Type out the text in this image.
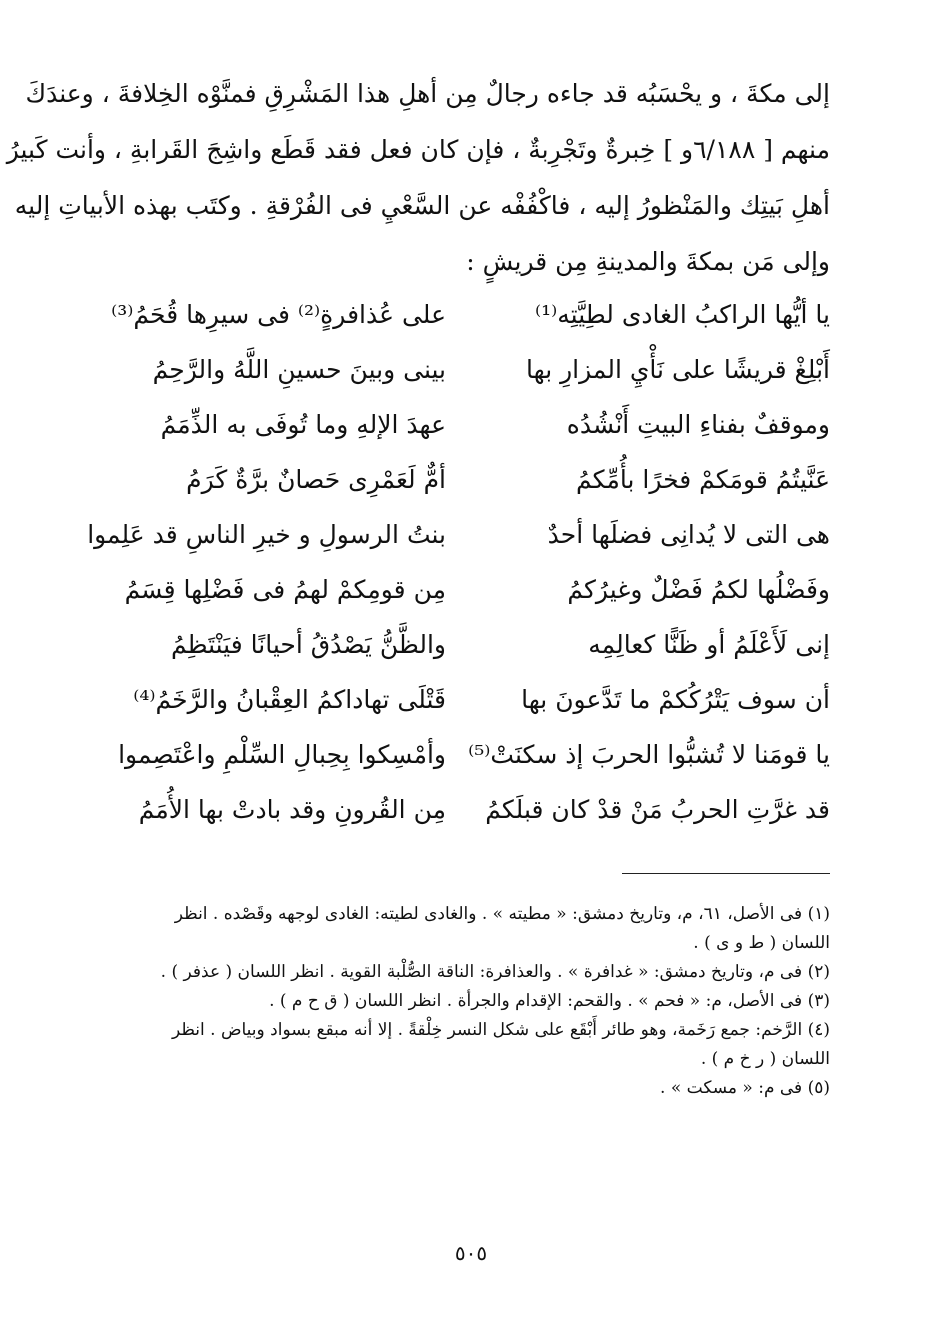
إلى مكةَ ، و يحْسَبُه قد جاءه رجالٌ مِن أهلِ هذا المَشْرِقِ فمنَّوْه الخِلافةَ ، وعندَكَ
منهم [ ٦/١٨٨و ] خِبرةٌ وتَجْرِبةٌ ، فإن كان فعل فقد قَطَع واشِجَ القَرابةِ ، وأنت كَبيرُ
أهلِ بَيتِك والمَنْظورُ إليه ، فاكْفُفْه عن السَّعْيِ فى الفُرْقةِ . وكتَب بهذه الأبياتِ إليه
وإلى مَن بمكةَ والمدينةِ مِن قريشٍ :
يا أيُّها الراكبُ الغادى لطِيَّتِه⁽¹⁾
على عُذافرةٍ⁽²⁾ فى سيرِها قُحَمُ⁽³⁾
أَبْلِغْ قريشًا على نَأْيِ المزارِ بها
بينى وبينَ حسينِ اللَّهُ والرَّحِمُ
وموقفٌ بفناءِ البيتِ أَنْشُدُه
عهدَ الإلهِ وما تُوفَى به الذِّمَمُ
عَنَّيتُمُ قومَكمْ فخرًا بأُمِّكمُ
أمٌّ لَعَمْرِى حَصانٌ برَّةٌ كَرَمُ
هى التى لا يُدانِى فضلَها أحدٌ
بنتُ الرسولِ و خيرِ الناسِ قد عَلِموا
وفَضْلُها لكمُ فَضْلٌ وغيرُكمُ
مِن قومِكمْ لهمُ فى فَضْلِها قِسَمُ
إنى لَأَعْلَمُ أو ظَنًّا كعالِمِه
والظَّنُّ يَصْدُقُ أحيانًا فيَنْتَظِمُ
أن سوف يَتْرُكُكمْ ما تَدَّعونَ بها
قَتْلَى تهاداكمُ العِقْبانُ والرَّخَمُ⁽⁴⁾
يا قومَنا لا تُشبُّوا الحربَ إذ سكنَتْ⁽⁵⁾
وأمْسِكوا بِحِبالِ السِّلْمِ واعْتَصِموا
قد غرَّتِ الحربُ مَنْ قدْ كان قبلَكمُ
مِن القُرونِ وقد بادتْ بها الأُمَمُ
(١) فى الأصل، ٦١، م، وتاريخ دمشق: « مطيته » . والغادى لطيته: الغادى لوجهه وقَصْده . انظر
اللسان ( ط و ى ) .
(٢) فى م، وتاريخ دمشق: « غدافرة » . والعذافرة: الناقة الصُّلْبة القوية . انظر اللسان ( عذفر ) .
(٣) فى الأصل، م: « فحم » . والقحم: الإقدام والجرأة . انظر اللسان ( ق ح م ) .
(٤) الرَّخم: جمع رَخَمة، وهو طائر أَبْقَع على شكل النسر خِلْقةً . إلا أنه مبقع بسواد وبياض . انظر
اللسان ( ر خ م ) .
(٥) فى م: « مسكت » .
٥٠٥
